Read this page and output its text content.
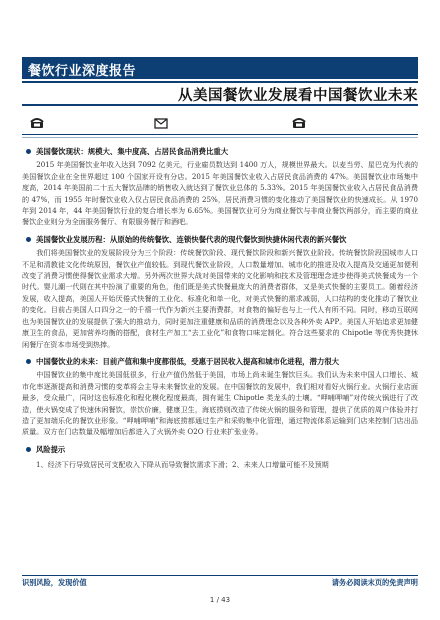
餐饮行业深度报告
从美国餐饮业发展看中国餐饮业未来
美国餐饮现状：规模大、集中度高、占居民食品消费比重大
2015 年美国餐饮业年收入达到 7092 亿美元，行业雇员数达到 1400 万人，规模世界最大。以麦当劳、星巴克为代表的美国餐饮企业在全世界超过 100 个国家开设有分店。2015 年美国餐饮业收入占居民食品消费的 47%。美国餐饮业市场集中度高，2014 年美国前二十五大餐饮品牌的销售收入就达到了餐饮业总体的 5.33%。2015 年美国餐饮业收入占居民食品消费的 47%，而 1955 年时餐饮业收入仅占居民食品消费的 25%，居民消费习惯的变化推动了美国餐饮业的快速成长。从 1970 年到 2014 年，44 年美国餐饮行业的复合增长率为 6.65%。美国餐饮业可分为商业餐饮与非商业餐饮两部分，而主要的商业餐饮企业则分为全面服务餐厅、有限服务餐厅和酒吧。
美国餐饮业发展历程：从原始的传统餐饮、连锁快餐代表的现代餐饮到快捷休闲代表的新兴餐饮
我们将美国餐饮业的发展阶段分为三个阶段：传统餐饮阶段、现代餐饮阶段和新兴餐饮业阶段。传统餐饮阶段国城市人口不足和清教徒文化传统原因，餐饮业产值较低。到现代餐饮业阶段，人口数量增加、城市化的推进及收入提高及交通更加便利改变了消费习惯使得餐饮业需求大增。另外两次世界大战对美国带来的文化影响和技术及管理理念进步使得美式快餐成为一个时代。婴儿潮一代則在其中扮演了重要的角色，他们既是美式快餐最庞大的消费者群体，又是美式快餐的主要员工。随着经济发展，收入提高，美国人开始厌倦式快餐的工业化、标准化和单一化，对美式快餐的需求减弱，人口结构的变化推动了餐饮业的变化。目前占美国人口四分之一的千禧一代作为新兴主要消费群，对食物的偏好也与上一代人有所不同。同时，移动互联网也为美国餐饮业的发展提供了强大的推动力，同时更加注重健康和品质的消费理念以及各种外卖 APP。美国人开始追求更加健康卫生的食品，更加营养均衡的搭配，食材生产加工“去工业化”和食物口味定制化。符合这些要求的 Chipotle 等优秀快捷休闲餐厅在资本市场受到热捧。
中国餐饮业的未来：目前产值和集中度都很低，受惠于居民收入提高和城市化进程，潜力很大
中国餐饮业的集中度比美国低很多，行业产值仍然低于美国，市场上尚未诞生餐饮巨头。我们认为未来中国人口增长、城市化率逐渐提高和消费习惯的变革将会主导未来餐饮业的发展。在中国餐饮的发展中，我们相对看好火锅行业。火锅行业店面最多，受众最广，同时这也标准化和程化模化程度最高，拥有诞生 Chipotle 类龙头的土壤。“呷哺呷哺”对传统火锅进行了改造，使火锅变成了快速休闲餐饮，崇饮价廉，健康卫生，海底捞则改造了传统火锅的服务和管理，提供了优质的周户体验并打造了更加端乐化的餐饮业形象。“呷哺呷哺”和海底捞都通过生产和采购集中化管理，通过物流体系运输到门店来控制门店出品质量。双方在门店数量及幅增加后都进入了火锅外卖 O2O 行业来扩张业务。
风险提示
1、经济下行导致居民可支配收入下降从而导致餐饮需求下滑；2、未来人口增量可能不及预期
识别风险，发现价值	请务必阅读末页的免责声明
1 / 43
